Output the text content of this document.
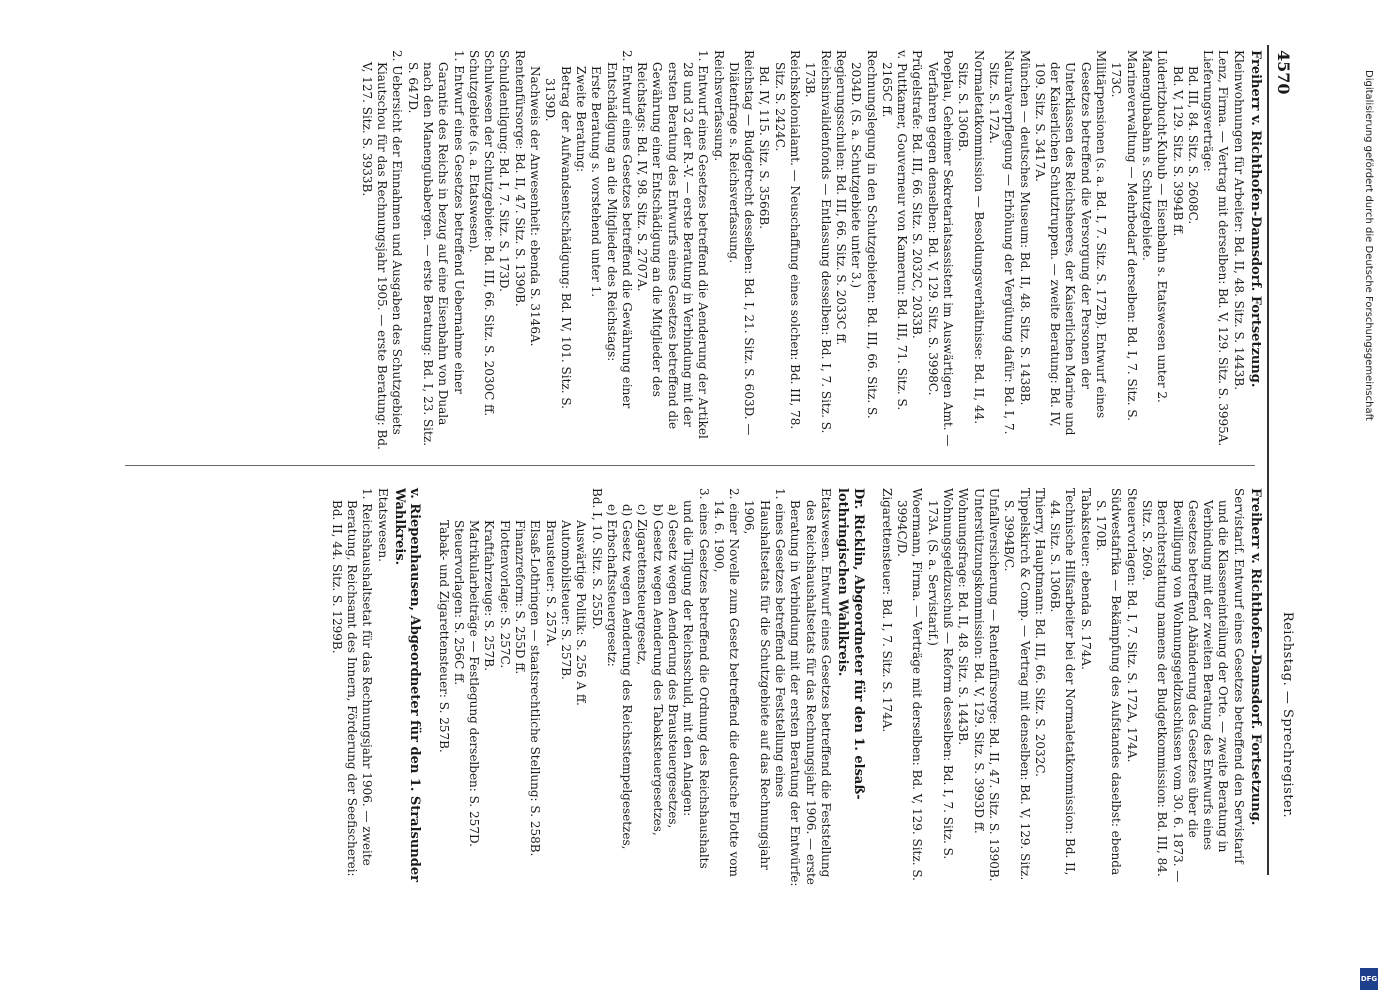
4570
Reichstag. — Sprechregister.
Freiherr v. Richthofen-Damsdorf. Fortsetzung.

Kleinwohnungen für Arbeiter: Bd. II, 48. Sitz. S. 1443B.

Lenz, Firma. — Vertrag mit derselben: Bd. V, 129. Sitz. S. 3995A.

Lieferungsverträge:

Bd. III, 84. Sitz. S. 2608C.

Bd. V, 129. Sitz. S. 3994B ff.

Lüderitzbucht-Kubub — Eisenbahn s. Etatswesen unter 2.

Manengubabahn s. Schutzgebiete.

Marineverwaltung — Mehrbedarf derselben: Bd. I, 7. Sitz. S. 173C.

Militärpensionen (s. a. Bd. I, 7. Sitz. S. 172B). Entwurf eines Gesetzes betreffend die Versorgung der Personen der Unterklassen des Reichsheeres, der Kaiserlichen Marine und der Kaiserlichen Schutztruppen. — zweite Beratung: Bd. IV, 109. Sitz. S. 3417A.

München — deutsches Museum: Bd. II, 48. Sitz. S. 1438B.

Naturalverpflegung — Erhöhung der Vergütung dafür: Bd. I, 7. Sitz. S. 172A.

Normaletatkommission — Besoldungsverhältnisse: Bd. II, 44. Sitz. S. 1306B.

Poeplau, Geheimer Sekretariatsassistent im Auswärtigen Amt. — Verfahren gegen denselben: Bd. V, 129. Sitz. S. 3998C.

Prügelstrafe: Bd. III, 66. Sitz. S. 2032C, 2033B.

v. Puttkamer, Gouverneur von Kamerun: Bd. III, 71. Sitz. S. 2165C ff.

Rechnungslegung in den Schutzgebieten: Bd. III, 66. Sitz. S. 2034D. (S. a. Schutzgebiete unter 3.)

Regierungsschulen: Bd. III, 66. Sitz. S. 2033C ff.

Reichsinvalidenfonds — Entlassung desselben: Bd. I, 7. Sitz. S. 173B.

Reichskolonialamt. — Neuschaffung eines solchen: Bd. III, 78. Sitz. S. 2424C.

Bd. IV, 115. Sitz. S. 3566B.

Reichstag — Budgetrecht desselben: Bd. I, 21. Sitz. S. 603D. — Diätenfrage s. Reichsverfassung.

Reichsverfassung.

1. Entwurf eines Gesetzes betreffend die Aenderung der Artikel 28 und 32 der R.-V. — erste Beratung in Verbindung mit der ersten Beratung des Entwurfs eines Gesetzes betreffend die Gewährung einer Entschädigung an die Mitglieder des Reichstags: Bd. IV, 98. Sitz. S. 2707A.

2. Entwurf eines Gesetzes betreffend die Gewährung einer Entschädigung an die Mitglieder des Reichstags:

Erste Beratung s. vorstehend unter 1.

Zweite Beratung:

Betrag der Aufwandsentschädigung: Bd. IV, 101. Sitz. S. 3139D.

Nachweis der Anwesenheit: ebenda S. 3146A.

Rentenfürsorge: Bd. II, 47. Sitz. S. 1390B.

Schuldentilgung: Bd. I, 7. Sitz. S. 173D.

Schulwesen der Schutzgebiete: Bd. III, 66. Sitz. S. 2030C ff.

Schutzgebiete (s. a. Etatswesen).

1. Entwurf eines Gesetzes betreffend Uebernahme einer Garantie des Reichs in bezug auf eine Eisenbahn von Duala nach den Manengubabergen. — erste Beratung: Bd. I, 23. Sitz. S. 647D.

2. Uebersicht der Einnahmen und Ausgaben des Schutzgebiets Kiautschou für das Rechnungsjahr 1905. — erste Beratung: Bd. V, 127. Sitz. S. 3933B.

Freiherr v. Richthofen-Damsdorf. Fortsetzung.

Servistarif. Entwurf eines Gesetzes betreffend den Servistarif und die Klasseneinteilung der Orte. — zweite Beratung in Verbindung mit der zweiten Beratung des Entwurfs eines Gesetzes betreffend Abänderung des Gesetzes über die Bewilligung von Wohnungsgeldzuschüssen vom 30. 6. 1873. — Berichterstattung namens der Budgetkommission: Bd. III, 84. Sitz. S. 2609.

Steuervorlagen: Bd. I, 7. Sitz. S. 172A, 174A.

Südwestafrika — Bekämpfung des Aufstandes daselbst: ebenda S. 170B.

Tabaksteuer: ebenda S. 174A.

Technische Hilfsarbeiter bei der Normaletatkommission: Bd. II, 44. Sitz. S. 1306B.

Thierry, Hauptmann: Bd. III, 66. Sitz. S. 2032C.

Tippelskirch & Comp. — Vertrag mit denselben: Bd. V, 129. Sitz. S. 3994B/C.

Unfallversicherung — Rentenfürsorge: Bd. II, 47. Sitz. S. 1390B.

Unterstützungskommission: Bd. V, 129. Sitz. S. 3993D ff.

Wohnungsfrage: Bd. II, 48. Sitz. S. 1443B.

Wohnungsgeldzuschuß — Reform desselben: Bd. I, 7. Sitz. S. 173A. (S. a. Servistarif.)

Woermann, Firma. — Verträge mit derselben: Bd. V, 129. Sitz. S. 3994C/D.

Zigarettensteuer: Bd. I, 7. Sitz. S. 174A.

Dr. Ricklin, Abgeordneter für den 1. elsaß-lothringischen Wahlkreis.

Etatswesen. Entwurf eines Gesetzes betreffend die Feststellung des Reichshaushaltsetats für das Rechnungsjahr 1906. — erste Beratung in Verbindung mit der ersten Beratung der Entwürfe:

1. eines Gesetzes betreffend die Feststellung eines Haushaltsetats für die Schutzgebiete auf das Rechnungsjahr 1906,

2. einer Novelle zum Gesetz betreffend die deutsche Flotte vom 14. 6. 1900,

3. eines Gesetzes betreffend die Ordnung des Reichshaushalts und die Tilgung der Reichsschuld, mit den Anlagen:

a) Gesetz wegen Aenderung des Brausteuergesetzes,

b) Gesetz wegen Aenderung des Tabaksteuergesetzes,

c) Zigarettensteuergesetz,

d) Gesetz wegen Aenderung des Reichsstempelgesetzes,

e) Erbschaftssteuergesetz:

Bd. I, 10. Sitz. S. 255D.

Auswärtige Politik: S. 256 A ff.

Automobilsteuer: S. 257B.

Brausteuer: S. 257A.

Elsaß-Lothringen — staatsrechtliche Stellung: S. 258B.

Finanzreform: S. 255D ff.

Flottenvorlage: S. 257C.

Kraftfahrzeuge: S. 257B.

Matrikularbeiträge — Festlegung derselben: S. 257D.

Steuervorlagen: S. 256C ff.

Tabak- und Zigarettensteuer: S. 257B.

v. Riepenhausen, Abgeordneter für den 1. Stralsunder Wahlkreis.

Etatswesen.

1. Reichshaushaltsetat für das Rechnungsjahr 1906. — zweite Beratung, Reichsamt des Innern, Förderung der Seefischerei: Bd. II, 44. Sitz. S. 1299B.

Digitalisierung gefördert durch die Deutsche Forschungsgemeinschaft
DFG
